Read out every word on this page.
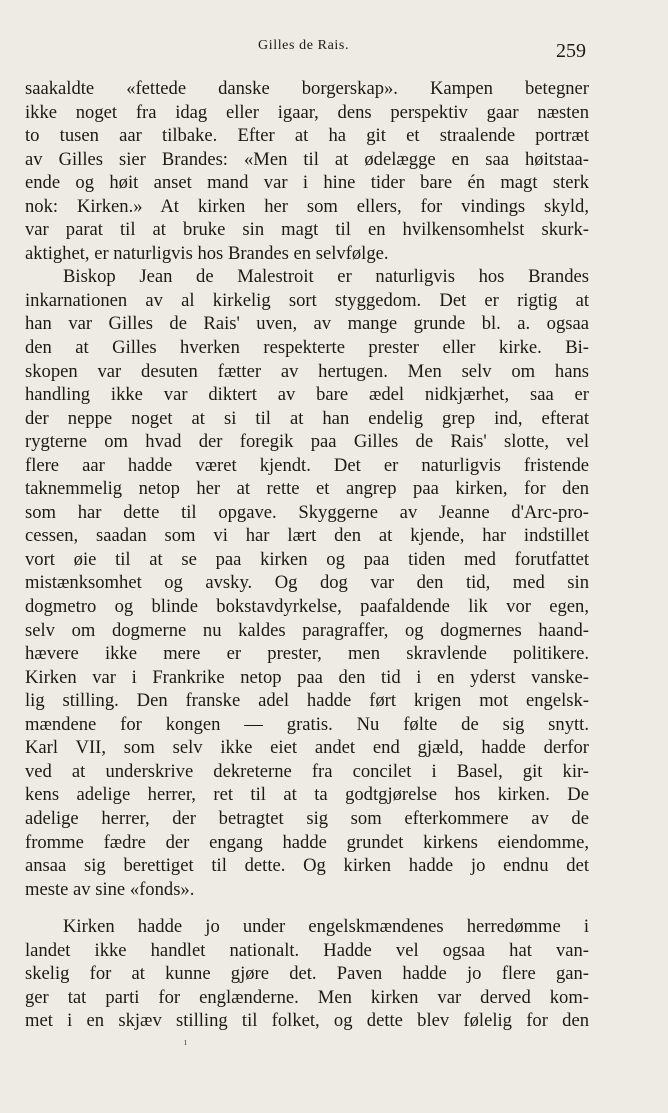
Gilles de Rais.	259
saakaldte «fettede danske borgerskap». Kampen betegner
ikke noget fra idag eller igaar, dens perspektiv gaar næsten
to tusen aar tilbake. Efter at ha git et straalende portræt
av Gilles sier Brandes: «Men til at ødelægge en saa høitstaa-
ende og høit anset mand var i hine tider bare én magt sterk
nok: Kirken.» At kirken her som ellers, for vindings skyld,
var parat til at bruke sin magt til en hvilkensomhelst skurk-
aktighet, er naturligvis hos Brandes en selvfølge.
Biskop Jean de Malestroit er naturligvis hos Brandes
inkarnationen av al kirkelig sort styggedom. Det er rigtig at
han var Gilles de Rais' uven, av mange grunde bl. a. ogsaa
den at Gilles hverken respekterte prester eller kirke. Bi-
skopen var desuten fætter av hertugen. Men selv om hans
handling ikke var diktert av bare ædel nidkjærhet, saa er
der neppe noget at si til at han endelig grep ind, efterat
rygterne om hvad der foregik paa Gilles de Rais' slotte, vel
flere aar hadde været kjendt. Det er naturligvis fristende
taknemmelig netop her at rette et angrep paa kirken, for den
som har dette til opgave. Skyggerne av Jeanne d'Arc-pro-
cessen, saadan som vi har lært den at kjende, har indstillet
vort øie til at se paa kirken og paa tiden med forutfattet
mistænksomhet og avsky. Og dog var den tid, med sin
dogmetro og blinde bokstavdyrkelse, paafaldende lik vor egen,
selv om dogmerne nu kaldes paragraffer, og dogmernes haand-
hævere ikke mere er prester, men skravlende politikere.
Kirken var i Frankrike netop paa den tid i en yderst vanske-
lig stilling. Den franske adel hadde ført krigen mot engelsk-
mændene for kongen — gratis. Nu følte de sig snytt.
Karl VII, som selv ikke eiet andet end gjæld, hadde derfor
ved at underskrive dekreterne fra concilet i Basel, git kir-
kens adelige herrer, ret til at ta godtgjørelse hos kirken. De
adelige herrer, der betragtet sig som efterkommere av de
fromme fædre der engang hadde grundet kirkens eiendomme,
ansaa sig berettiget til dette. Og kirken hadde jo endnu det
meste av sine «fonds».
Kirken hadde jo under engelskmændenes herredømme i
landet ikke handlet nationalt. Hadde vel ogsaa hat van-
skelig for at kunne gjøre det. Paven hadde jo flere gan-
ger tat parti for englænderne. Men kirken var derved kom-
met i en skjæv stilling til folket, og dette blev følelig for den
ı
